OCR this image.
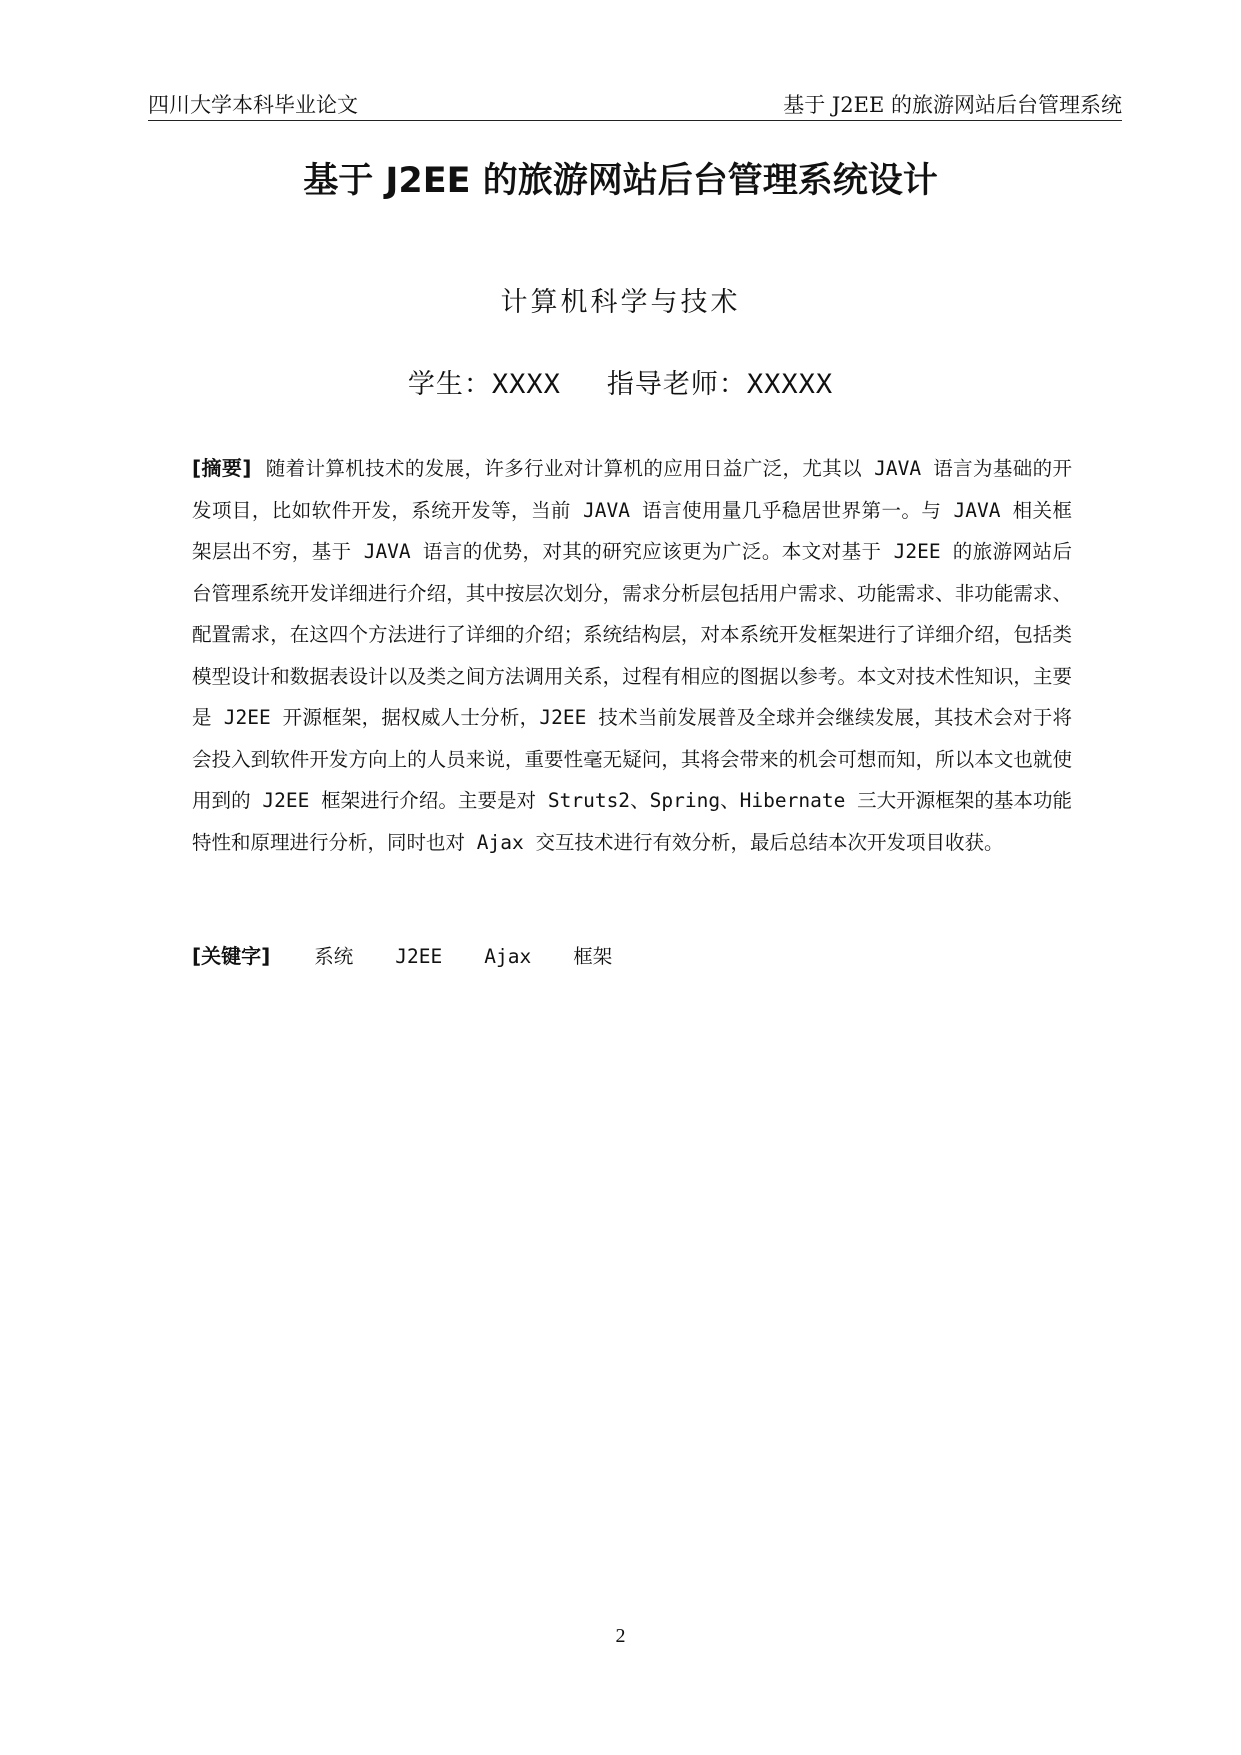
四川大学本科毕业论文	基于 J2EE 的旅游网站后台管理系统
基于 J2EE 的旅游网站后台管理系统设计
计算机科学与技术
学生：XXXX 指导老师：XXXXX

[摘要] 随着计算机技术的发展，许多行业对计算机的应用日益广泛，尤其以 JAVA 语言为基础的开发项目，比如软件开发，系统开发等，当前 JAVA 语言使用量几乎稳居世界第一。与 JAVA 相关框架层出不穷，基于 JAVA 语言的优势，对其的研究应该更为广泛。本文对基于 J2EE 的旅游网站后台管理系统开发详细进行介绍，其中按层次划分，需求分析层包括用户需求、功能需求、非功能需求、配置需求，在这四个方法进行了详细的介绍；系统结构层，对本系统开发框架进行了详细介绍，包括类模型设计和数据表设计以及类之间方法调用关系，过程有相应的图据以参考。本文对技术性知识，主要是 J2EE 开源框架，据权威人士分析，J2EE 技术当前发展普及全球并会继续发展，其技术会对于将会投入到软件开发方向上的人员来说，重要性毫无疑问，其将会带来的机会可想而知，所以本文也就使用到的 J2EE 框架进行介绍。主要是对 Struts2、Spring、Hibernate 三大开源框架的基本功能特性和原理进行分析，同时也对 Ajax 交互技术进行有效分析，最后总结本次开发项目收获。

[关键字] 系统 J2EE Ajax 框架
2
